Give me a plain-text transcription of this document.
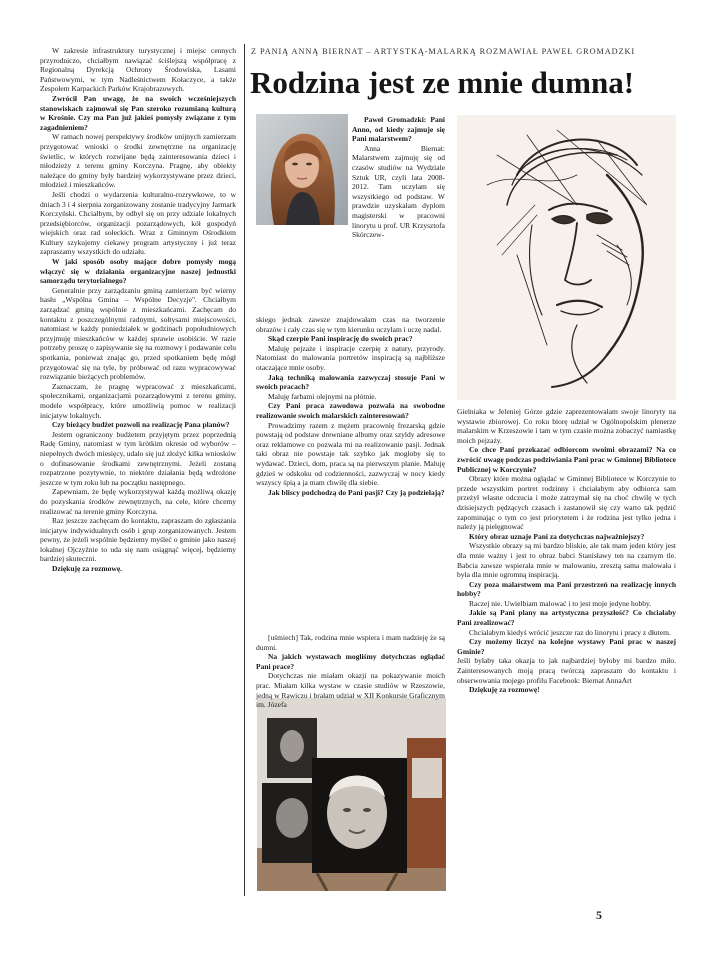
W zakresie infrastruktury turystycznej i miejsc cennych przyrodniczo, chciałbym nawiązać ściślejszą współpracę z Regionalną Dyrekcją Ochrony Środowiska, Lasami Państwowymi, w tym Nadleśnictwem Kołaczyce, a także Zespołem Karpackich Parków Krajobrazowych.

Zwrócił Pan uwagę, że na swoich wcześniejszych stanowiskach zajmował się Pan szeroko rozumianą kulturą w Krośnie. Czy ma Pan już jakieś pomysły związane z tym zagadnieniem?

W ramach nowej perspektywy środków unijnych zamierzam przygotować wnioski o środki zewnętrzne na organizację świetlic, w których rozwijane będą zainteresowania dzieci i młodzieży z terenu gminy Korczyna. Pragnę, aby obiekty należące do gminy były bardziej wykorzystywane przez dzieci, młodzież i mieszkańców.

Jeśli chodzi o wydarzenia kulturalno-rozrywkowe, to w dniach 3 i 4 sierpnia zorganizowany zostanie tradycyjny Jarmark Korczyński. Chciałbym, by odbył się on przy udziale lokalnych przedsiębiorców, organizacji pozarządowych, kół gospodyń wiejskich oraz rad sołeckich. Wraz z Gminnym Ośrodkiem Kultury szykujemy ciekawy program artystyczny i już teraz zapraszamy wszystkich do udziału.

W jaki sposób osoby mające dobre pomysły mogą włączyć się w działania organizacyjne naszej jednostki samorządu terytorialnego?

Generalnie przy zarządzaniu gminą zamierzam być wierny hasłu „Wspólna Gmina – Wspólne Decyzje". Chciałbym zarządzać gminą wspólnie z mieszkańcami. Zachęcam do kontaktu z poszczególnymi radnymi, sołtysami miejscowości, natomiast w każdy poniedziałek w godzinach popołudniowych przyjmuję mieszkańców w każdej sprawie osobiście. W razie potrzeby proszę o zapisywanie się na rozmowy i podawanie celu spotkania, ponieważ znając go, przed spotkaniem będę mógł przygotować się na tyle, by próbować od razu wypracowywać rozwiązanie bieżących problemów.

Zaznaczam, że pragnę wypracować z mieszkańcami, społecznikami, organizacjami pozarządowymi z terenu gminy, modele współpracy, które umożliwią pomoc w realizacji inicjatyw lokalnych.

Czy bieżący budżet pozwoli na realizację Pana planów?

Jestem ograniczony budżetem przyjętym przez poprzednią Radę Gminy, natomiast w tym krótkim okresie od wyborów – niepełnych dwóch miesięcy, udało się już złożyć kilka wniosków o dofinasowanie środkami zewnętrznymi. Jeżeli zostaną rozpatrzone pozytywnie, to niektóre działania będą wdrożone jeszcze w tym roku lub na początku następnego.

Zapewniam, że będę wykorzystywał każdą możliwą okazję do pozyskania środków zewnętrznych, na cele, które chcemy realizować na terenie gminy Korczyna.

Raz jeszcze zachęcam do kontaktu, zapraszam do zgłaszania inicjatyw indywidualnych osób i grup zorganizowanych. Jestem pewny, że jeżeli wspólnie będziemy myśleć o gminie jako naszej lokalnej Ojczyźnie to uda się nam osiągnąć więcej, będziemy bardziej skuteczni.

Dziękuję za rozmowę.

Z PANIĄ ANNĄ BIERNAT – ARTYSTKĄ-MALARKĄ ROZMAWIAŁ PAWEŁ GROMADZKI
Rodzina jest ze mnie dumna!

Paweł Gromadzki: Pani Anno, od kiedy zajmuje się Pani malarstwem?

Anna Biernat: Malarstwem zajmuję się od czasów studiów na Wydziale Sztuk UR, czyli lata 2008-2012. Tam uczyłam się wszystkiego od podstaw. W prawdzie uzyskałam dyplom magisterski w pracowni linorytu u prof. UR Krzysztofa Skórczew-

skiego jednak zawsze znajdowałam czas na tworzenie obrazów i cały czas się w tym kierunku uczyłam i uczę nadal.

Skąd czerpie Pani inspirację do swoich prac?

Maluję pejzaże i inspiracje czerpię z natury, przyrody. Natomiast do malowania portretów inspiracją są najbliższe otaczające mnie osoby.

Jaką techniką malowania zazwyczaj stosuje Pani w swoich pracach?

Maluję farbami olejnymi na płótnie.

Czy Pani praca zawodowa pozwala na swobodne realizowanie swoich malarskich zainteresowań?

Prowadzimy razem z mężem pracownię frezarską gdzie powstają od podstaw drewniane albumy oraz szyldy adresowe oraz reklamowe co pozwala mi na realizowanie pasji. Jednak taki obraz nie powstaje tak szybko jak mogłoby się to wydawać. Dzieci, dom, praca są na pierwszym planie. Maluję gdzieś w odskoku od codzienności, zazwyczaj w nocy kiedy wszyscy śpią a ja mam chwilę dla siebie.

Jak bliscy podchodzą do Pani pasji? Czy ją podzielają?

[uśmiech] Tak, rodzina mnie wspiera i mam nadzieję że są dumni.

Na jakich wystawach mogliśmy dotychczas oglądać Pani prace?

Dotychczas nie miałam okazji na pokazywanie moich prac. Miałam kilka wystaw w czasie studiów w Rzeszowie, jedną w Rawiczu i brałam udział w XII Konkursie Graficznym im. Józefa

Gielniaka w Jeleniej Górze gdzie zaprezentowałam swoje linoryty na wystawie zbiorowej. Co roku biorę udział w Ogólnopolskim plenerze malarskim w Krzeszowie i tam w tym czasie można zobaczyć namiastkę moich pejzaży.

Co chce Pani przekazać odbiorcom swoimi obrazami? Na co zwrócić uwagę podczas podziwiania Pani prac w Gminnej Bibliotece Publicznej w Korczynie?

Obrazy które można oglądać w Gminnej Bibliotece w Korczynie to przede wszystkim portret rodzinny i chciałabym aby odbiorca sam przeżył własne odczucia i może zatrzymał się na choć chwilę w tych dzisiejszych pędzących czasach i zastanowił się czy warto tak pędzić zapominając o tym co jest priorytetem i że rodzina jest tylko jedna i należy ją pielęgnować

Który obraz uznaje Pani za dotychczas najważniejszy?

Wszystkie obrazy są mi bardzo bliskie, ale tak mam jeden który jest dla mnie ważny i jest to obraz babci Stanisławy ten na czarnym tle. Babcia zawsze wspierała mnie w malowaniu, zresztą sama malowała i była dla mnie ogromną inspiracją.

Czy poza malarstwem ma Pani przestrzeń na realizację innych hobby?

Raczej nie. Uwielbiam malować i to jest moje jedyne hobby.

Jakie są Pani plany na artystyczna przyszłość? Co chciałaby Pani zrealizować?

Chciałabym kiedyś wrócić jeszcze raz do linorytu i pracy z dłutem.

Czy możemy liczyć na kolejne wystawy Pani prac w naszej Gminie?

Jeśli byłaby taka okazja to jak najbardziej byłoby mi bardzo miło. Zainteresowanych moją pracą twórczą zapraszam do kontaktu i obserwowania mojego profilu Facebook: Biernat AnnaArt

Dziękuję za rozmowę!

5
